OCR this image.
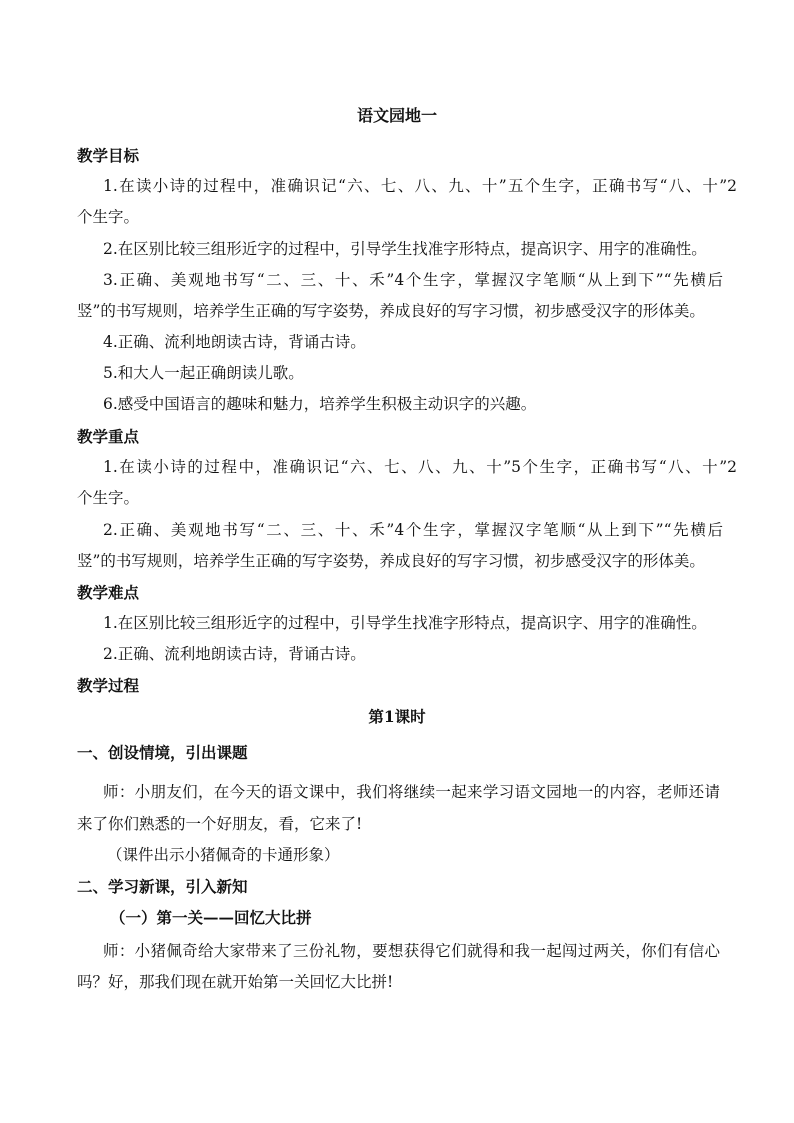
语文园地一
教学目标
1.在读小诗的过程中，准确识记“六、七、八、九、十”五个生字，正确书写“八、十”2
个生字。
2.在区别比较三组形近字的过程中，引导学生找准字形特点，提高识字、用字的准确性。
3.正确、美观地书写“二、三、十、禾”4个生字，掌握汉字笔顺“从上到下”“先横后
竖”的书写规则，培养学生正确的写字姿势，养成良好的写字习惯，初步感受汉字的形体美。
4.正确、流利地朗读古诗，背诵古诗。
5.和大人一起正确朗读儿歌。
6.感受中国语言的趣味和魅力，培养学生积极主动识字的兴趣。
教学重点
1.在读小诗的过程中，准确识记“六、七、八、九、十”5个生字，正确书写“八、十”2
个生字。
2.正确、美观地书写“二、三、十、禾”4个生字，掌握汉字笔顺“从上到下”“先横后
竖”的书写规则，培养学生正确的写字姿势，养成良好的写字习惯，初步感受汉字的形体美。
教学难点
1.在区别比较三组形近字的过程中，引导学生找准字形特点，提高识字、用字的准确性。
2.正确、流利地朗读古诗，背诵古诗。
教学过程
第1课时
一、创设情境，引出课题
师：小朋友们，在今天的语文课中，我们将继续一起来学习语文园地一的内容，老师还请
来了你们熟悉的一个好朋友，看，它来了!
（课件出示小猪佩奇的卡通形象）
二、学习新课，引入新知
（一）第一关——回忆大比拼
师：小猪佩奇给大家带来了三份礼物，要想获得它们就得和我一起闯过两关，你们有信心
吗？好，那我们现在就开始第一关回忆大比拼!
